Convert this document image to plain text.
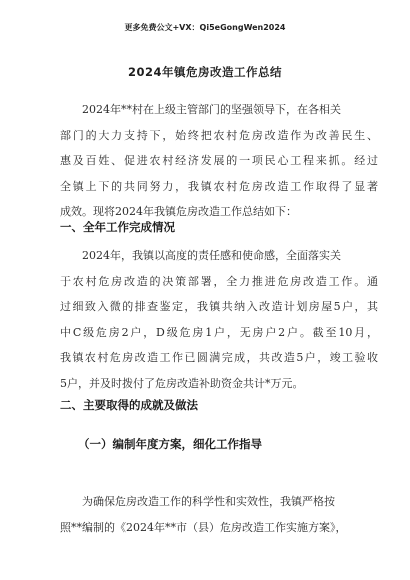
更多免费公文+VX：Qi5eGongWen2024
2024年镇危房改造工作总结
2024年**村在上级主管部门的坚强领导下，在各相关
部门的大力支持下，始终把农村危房改造作为改善民生、
惠及百姓、促进农村经济发展的一项民心工程来抓。经过
全镇上下的共同努力，我镇农村危房改造工作取得了显著
成效。现将2024年我镇危房改造工作总结如下：
一、全年工作完成情况
2024年，我镇以高度的责任感和使命感，全面落实关
于农村危房改造的决策部署，全力推进危房改造工作。通
过细致入微的排查鉴定，我镇共纳入改造计划房屋5户，其
中C级危房2户，D级危房1户，无房户2户。截至10月，
我镇农村危房改造工作已圆满完成，共改造5户，竣工验收
5户，并及时拨付了危房改造补助资金共计*万元。
二、主要取得的成就及做法
（一）编制年度方案，细化工作指导
为确保危房改造工作的科学性和实效性，我镇严格按
照**编制的《2024年**市（县）危房改造工作实施方案》，
